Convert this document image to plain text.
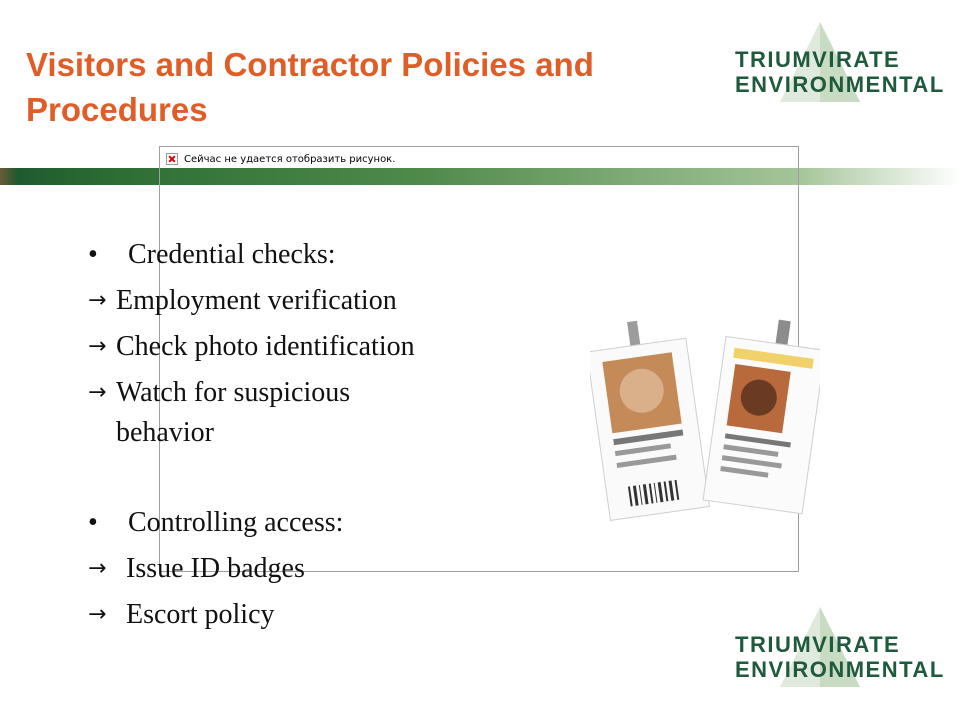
Visitors and Contractor Policies and Procedures
TRIUMVIRATE
ENVIRONMENTAL
Сейчас не удается отобразить рисунок.
• Credential checks:
→ Employment verification
→ Check photo identification
→ Watch for suspicious
behavior
• Controlling access:
→ Issue ID badges
→ Escort policy
TRIUMVIRATE
ENVIRONMENTAL
